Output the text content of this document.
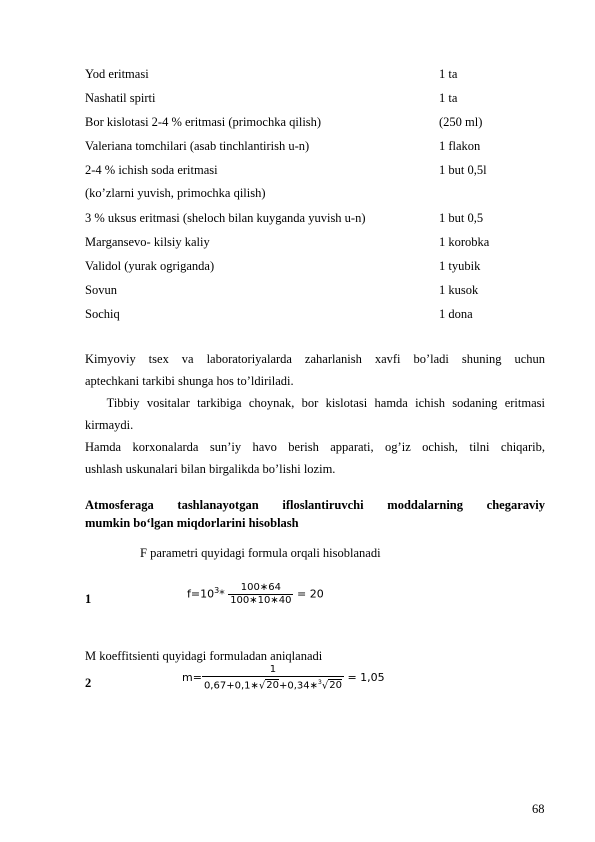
Yod eritmasi	1 ta
Nashatil spirti	1 ta
Bor kislotasi 2-4 % eritmasi (primochka qilish)	(250 ml)
Valeriana tomchilari (asab tinchlantirish u-n)	1 flakon
2-4 % ichish soda eritmasi	1 but 0,5l
(ko’zlarni yuvish, primochka qilish)
3 % uksus eritmasi (sheloch bilan kuyganda yuvish u-n)	1 but 0,5
Margansevo- kilsiy kaliy	1 korobka
Validol (yurak ogriganda)	1 tyubik
Sovun	1 kusok
Sochiq	1 dona
Kimyoviy tsex va laboratoriyalarda zaharlanish xavfi bo’ladi shuning uchun
aptechkani tarkibi shunga hos to’ldiriladi.
Tibbiy vositalar tarkibiga choynak, bor kislotasi hamda ichish sodaning eritmasi
kirmaydi.
Hamda korxonalarda sun’iy havo berish apparati, og’iz ochish, tilni chiqarib,
ushlash uskunalari bilan birgalikda bo’lishi lozim.
Atmosferaga tashlanayotgan ifloslantiruvchi moddalarning chegaraviy
mumkin bo‘lgan miqdorlarini hisoblash
F parametri quyidagi formula orqali hisoblanadi
1	$f=10^3* \frac{100∗64}{100∗10∗40} = 20$
M koeffitsienti quyidagi formuladan aniqlanadi
2	$m= \frac{1}{0,67+0,1∗√20+0,34∗^3√20} = 1,05$
68
